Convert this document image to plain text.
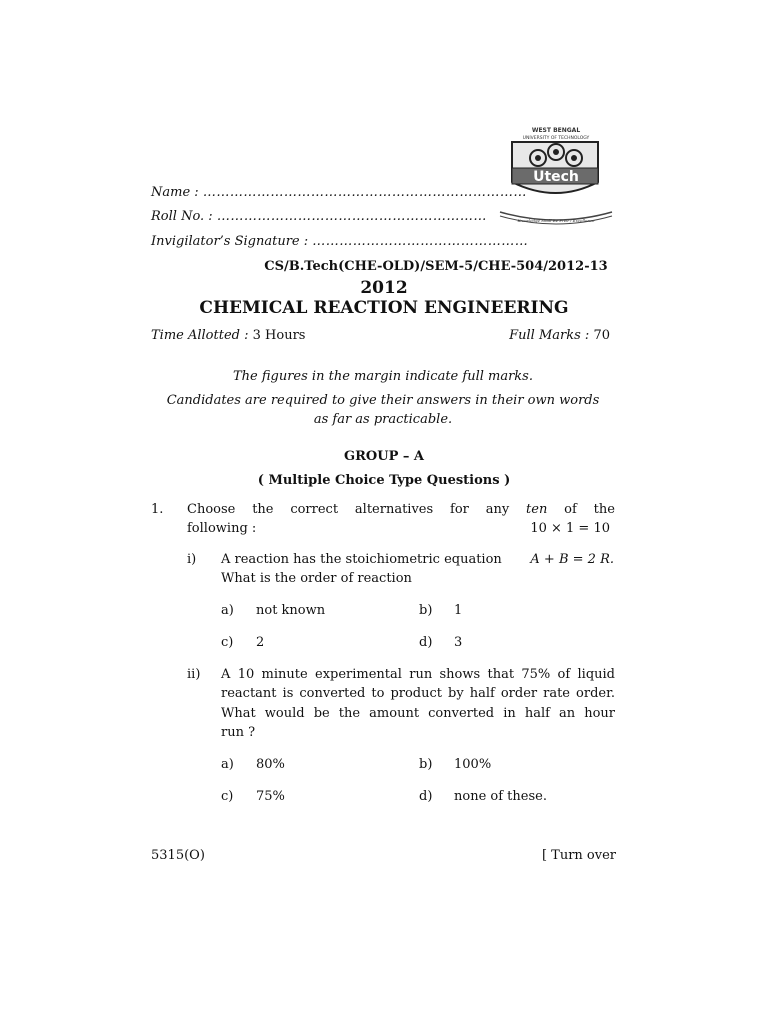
WEST BENGAL
UNIVERSITY OF TECHNOLOGY
Utech
Knowledge Shall Be Free / Excellence
Name : ………………………………………………………………
Roll No. : ……………………………………………………
Invigilator’s Signature : …………………………………………
CS/B.Tech(CHE-OLD)/SEM-5/CHE-504/2012-13
2012
CHEMICAL REACTION ENGINEERING
Time Allotted : 3 Hours	Full Marks : 70
The figures in the margin indicate full marks.
Candidates are required to give their answers in their own words
as far as practicable.
GROUP – A
( Multiple Choice Type Questions )
1. Choose the correct alternatives for any ten of the
following :	10 × 1 = 10
i) A reaction has the stoichiometric equation A + B = 2 R.
What is the order of reaction
a) not known	b) 1
c) 2	d) 3
ii) A 10 minute experimental run shows that 75% of liquid
reactant is converted to product by half order rate order.
What would be the amount converted in half an hour
run ?
a) 80%	b) 100%
c) 75%	d) none of these.
5315(O)	[ Turn over
